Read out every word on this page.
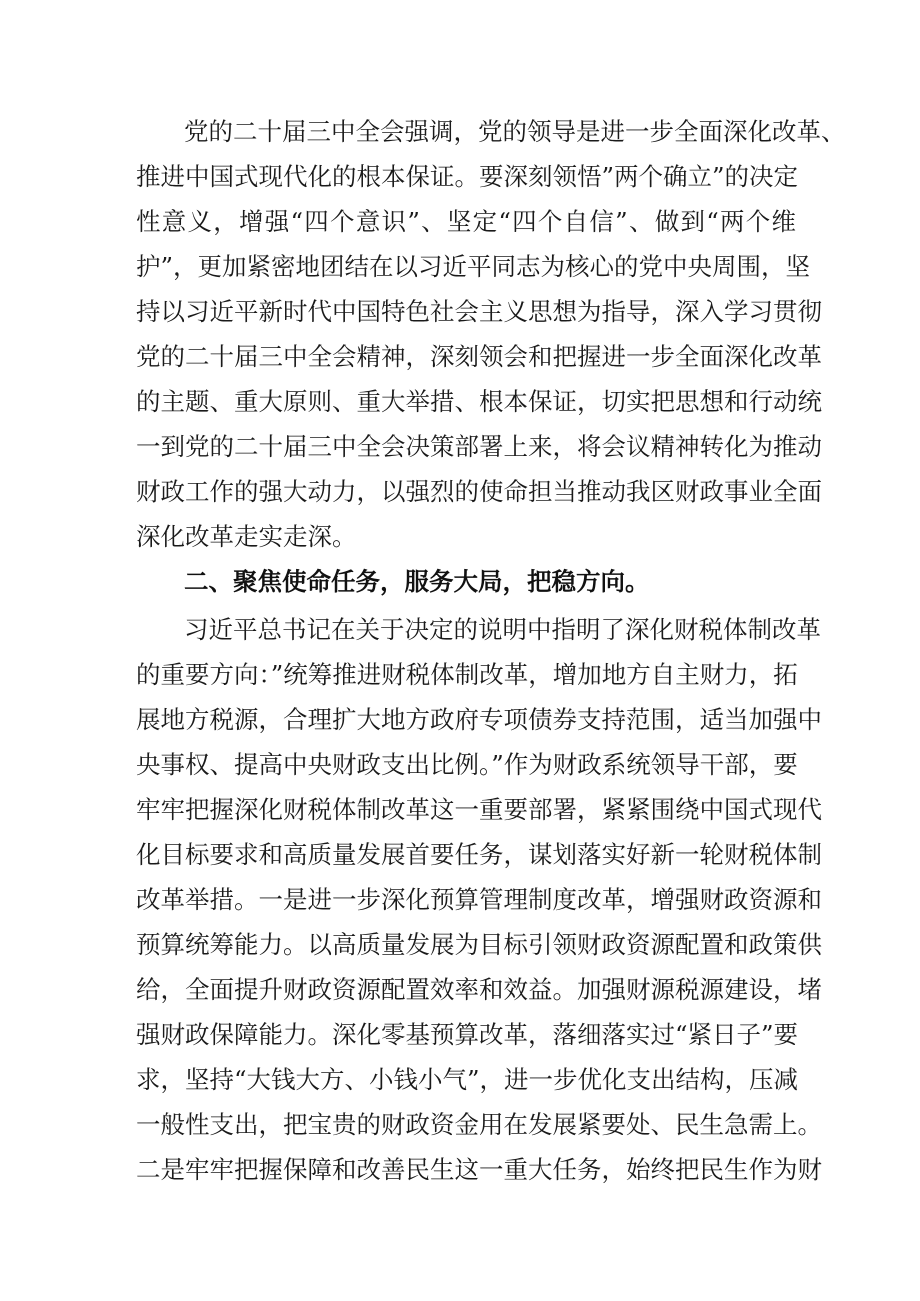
党的二十届三中全会强调，党的领导是进一步全面深化改革、

推进中国式现代化的根本保证。要深刻领悟”两个确立”的决定

性意义，增强“四个意识”、坚定“四个自信”、做到“两个维

护”，更加紧密地团结在以习近平同志为核心的党中央周围，坚

持以习近平新时代中国特色社会主义思想为指导，深入学习贯彻

党的二十届三中全会精神，深刻领会和把握进一步全面深化改革

的主题、重大原则、重大举措、根本保证，切实把思想和行动统

一到党的二十届三中全会决策部署上来，将会议精神转化为推动

财政工作的强大动力，以强烈的使命担当推动我区财政事业全面

深化改革走实走深。

二、聚焦使命任务，服务大局，把稳方向。

习近平总书记在关于决定的说明中指明了深化财税体制改革

的重要方向：”统筹推进财税体制改革，增加地方自主财力，拓

展地方税源，合理扩大地方政府专项债券支持范围，适当加强中

央事权、提高中央财政支出比例。”作为财政系统领导干部，要

牢牢把握深化财税体制改革这一重要部署，紧紧围绕中国式现代

化目标要求和高质量发展首要任务，谋划落实好新一轮财税体制

改革举措。一是进一步深化预算管理制度改革，增强财政资源和

预算统筹能力。以高质量发展为目标引领财政资源配置和政策供

给，全面提升财政资源配置效率和效益。加强财源税源建设，堵

强财政保障能力。深化零基预算改革，落细落实过“紧日子”要

求，坚持“大钱大方、小钱小气”，进一步优化支出结构，压减

一般性支出，把宝贵的财政资金用在发展紧要处、民生急需上。

二是牢牢把握保障和改善民生这一重大任务，始终把民生作为财
